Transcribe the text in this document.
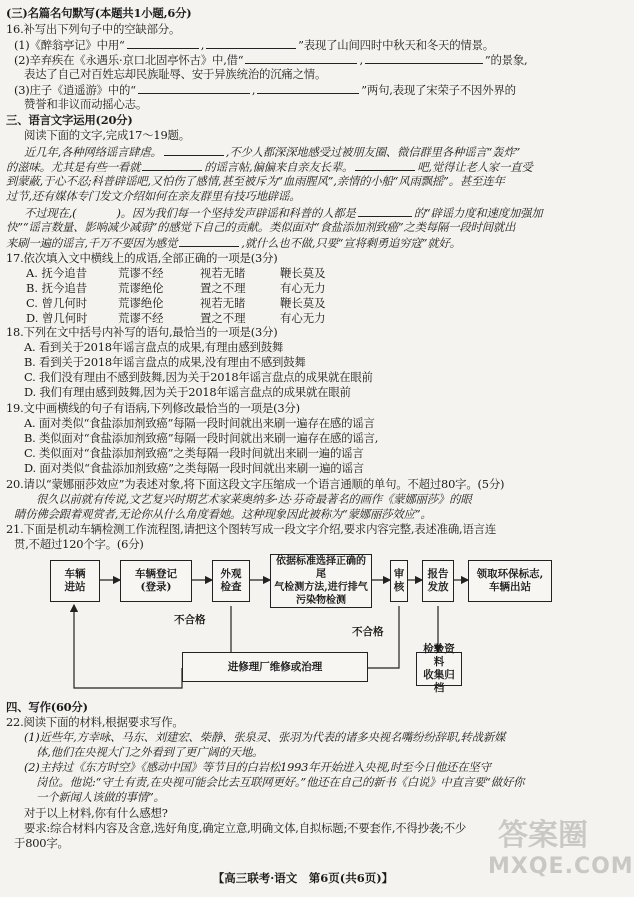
(三)名篇名句默写(本题共1小题,6分)
16.补写出下列句子中的空缺部分。
(1)《醉翁亭记》中用“	,	”表现了山间四时中秋天和冬天的情景。
(2)辛弃疾在《永遇乐·京口北固亭怀古》中,借“	,	”的景象,
表达了自己对百姓忘却民族耻辱、安于异族统治的沉痛之情。
(3)庄子《逍遥游》中的“	,	”两句,表现了宋荣子不因外界的
赞誉和非议而动摇心志。
三、语言文字运用(20分)
阅读下面的文字,完成17～19题。
近几年,各种网络谣言肆虐。	,不少人都深深地感受过被朋友圈、微信群里各种谣言“轰炸”
的滋味。尤其是有些一看就	的谣言帖,偏偏来自亲友长辈。	吧,觉得让老人家一直受
到蒙蔽,于心不忍;科普辟谣吧,又怕伤了感情,甚至被斥为“血雨腥风”,亲情的小船“风雨飘摇”。甚至连年
过节,还有媒体专门发文介绍如何在亲友群里有技巧地辟谣。
不过现在,(	)。因为我们每一个坚持发声辟谣和科普的人都是	的“辟谣力度和速度加强加
快”“谣言数量、影响减少减弱”的感觉下自己的贡献。类似面对“食盐添加剂致癌”之类每隔一段时间就出
来刷一遍的谣言,千万不要因为感觉	,就什么也不做,只要“宣将剩勇追穷寇”就好。
17.依次填入文中横线上的成语,全部正确的一项是(3分)
A. 抚今追昔	荒谬不经	视若无睹	鞭长莫及
B. 抚今追昔	荒谬绝伦	置之不理	有心无力
C. 曾几何时	荒谬绝伦	视若无睹	鞭长莫及
D. 曾几何时	荒谬不经	置之不理	有心无力
18.下列在文中括号内补写的语句,最恰当的一项是(3分)
A. 看到关于2018年谣言盘点的成果,有理由感到鼓舞
B. 看到关于2018年谣言盘点的成果,没有理由不感到鼓舞
C. 我们没有理由不感到鼓舞,因为关于2018年谣言盘点的成果就在眼前
D. 我们有理由感到鼓舞,因为关于2018年谣言盘点的成果就在眼前
19.文中画横线的句子有语病,下列修改最恰当的一项是(3分)
A. 面对类似“食盐添加剂致癌”每隔一段时间就出来刷一遍存在感的谣言
B. 类似面对“食盐添加剂致癌”每隔一段时间就出来刷一遍存在感的谣言,
C. 类似面对“食盐添加剂致癌”之类每隔一段时间就出来刷一遍的谣言
D. 面对类似“食盐添加剂致癌”之类每隔一段时间就出来刷一遍的谣言
20.请以“蒙娜丽莎效应”为表述对象,将下面这段文字压缩成一个语言通顺的单句。不超过80字。(5分)
很久以前就有传说,文艺复兴时期艺术家莱奥纳多·达·芬奇最著名的画作《蒙娜丽莎》的眼
睛仿佛会跟着观赏者,无论你从什么角度看她。这种现象因此被称为“蒙娜丽莎效应”。
21.下面是机动车辆检测工作流程图,请把这个图转写成一段文字介绍,要求内容完整,表述准确,语言连
贯,不超过120个字。(6分)
车辆
进站
车辆登记
(登录)
外观
检查
依据标准选择正确的尾
气检测方法,进行排气
污染物检测
审
核
报告
发放
领取环保标志,
车辆出站
进修理厂维修或治理
检验资料
收集归档
不合格
不合格
四、写作(60分)
22.阅读下面的材料,根据要求写作。
(1)近些年,方幸咏、马东、刘建宏、柴静、张泉灵、张羽为代表的诸多央视名嘴纷纷辞职,转战新媒
体,他们在央视大门之外看到了更广阔的天地。
(2)主持过《东方时空》《感动中国》等节目的白岩松1993年开始进入央视,时至今日他还在坚守
岗位。他说:“守土有责,在央视可能会比去互联网更好。”他还在自己的新书《白说》中直言要“做好你
一个新闻人该做的事情”。
对于以上材料,你有什么感想?
要求:综合材料内容及含意,选好角度,确定立意,明确文体,自拟标题;不要套作,不得抄袭;不少
于800字。
【高三联考·语文　第6页(共6页)】
答案圈
MXQE.COM
